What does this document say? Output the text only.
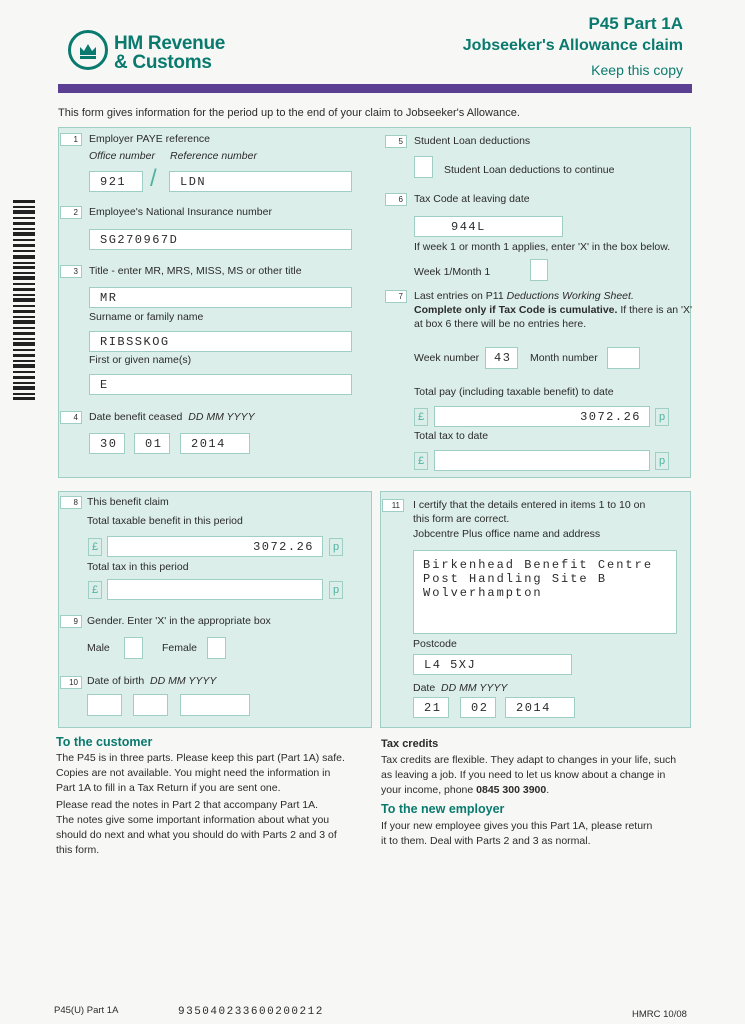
HM Revenue
& Customs
P45 Part 1A
Jobseeker's Allowance claim
Keep this copy
This form gives information for the period up to the end of your claim to Jobseeker's Allowance.
1	Employer PAYE reference
Office number Reference number
921 /	LDN
2	Employee's National Insurance number
SG270967D
3	Title - enter MR, MRS, MISS, MS or other title
MR
Surname or family name
RIBSSKOG
First or given name(s)
E
4	Date benefit ceased DD MM YYYY
30	01	2014
5	Student Loan deductions
Student Loan deductions to continue
6	Tax Code at leaving date
944L
If week 1 or month 1 applies, enter 'X' in the box below.
Week 1/Month 1
7	Last entries on P11 Deductions Working Sheet.
Complete only if Tax Code is cumulative. If there is an 'X'
at box 6 there will be no entries here.
Week number	43	Month number
Total pay (including taxable benefit) to date
£	3072.26	p
Total tax to date
£	p
8 This benefit claim
Total taxable benefit in this period
£	3072.26	p
Total tax in this period
£	p
9 Gender. Enter 'X' in the appropriate box
Male	Female
10 Date of birth DD MM YYYY
11	I certify that the details entered in items 1 to 10 on
this form are correct.
Jobcentre Plus office name and address
Birkenhead Benefit Centre
Post Handling Site B
Wolverhampton
Postcode
L4 5XJ
Date DD MM YYYY
21	02	2014
To the customer
The P45 is in three parts. Please keep this part (Part 1A) safe.
Copies are not available. You might need the information in
Part 1A to fill in a Tax Return if you are sent one.
Please read the notes in Part 2 that accompany Part 1A.
The notes give some important information about what you
should do next and what you should do with Parts 2 and 3 of
this form.
Tax credits
Tax credits are flexible. They adapt to changes in your life, such
as leaving a job. If you need to let us know about a change in
your income, phone 0845 300 3900.
To the new employer
If your new employee gives you this Part 1A, please return
it to them. Deal with Parts 2 and 3 as normal.
P45(U) Part 1A	935040233600200212	HMRC 10/08
